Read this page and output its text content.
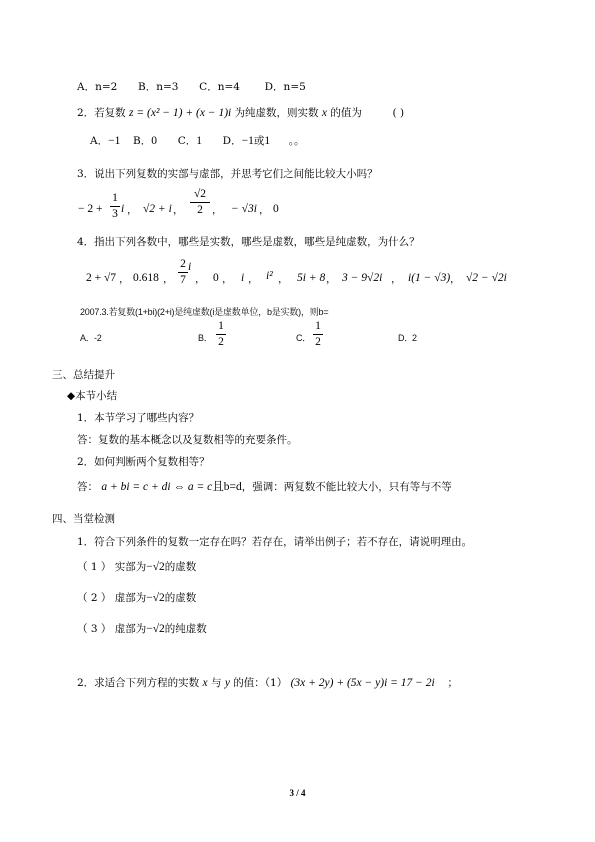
A．n=2 B．n=3 C．n=4 D．n=5
2．若复数 z = (x² − 1) + (x − 1)i 为纯虚数，则实数 x 的值为	( )
A．−1 B．0 C．1 D．−1或1 。。
3．说出下列复数的实部与虚部，并思考它们之间能比较大小吗？
− 2 +
1
3 i ， √2 + i ，
√2
2 ， − √3i ， 0
4．指出下列各数中，哪些是实数，哪些是虚数，哪些是纯虚数，为什么？
2 + √7 ， 0.618 ，
2
7
i
， 0 ， i ， i² ， 5i + 8 ， 3 − 9√2i ， i(1 − √3) ， √2 − √2i
2007.3.若复数(1+bi)(2+i)是纯虚数(i是虚数单位，b是实数)，则b=
A． -2	B．
1
2	C．
1
2	D．
2
三、总结提升
◆本节小结
1．本节学习了哪些内容？
答：复数的基本概念以及复数相等的充要条件。
2．如何判断两个复数相等？
答： a + bi = c + di ⇔ a = c且b=d，强调：两复数不能比较大小，只有等与不等
四、当堂检测
1．符合下列条件的复数一定存在吗？若存在，请举出例子；若不存在，请说明理由。
（ 1 ） 实部为−√2的虚数
（ 2 ） 虚部为−√2的虚数
（ 3 ） 虚部为−√2的纯虚数
2．求适合下列方程的实数 x 与 y 的值：（1） (3x + 2y) + (5x − y)i = 17 − 2i ；
3 / 4
